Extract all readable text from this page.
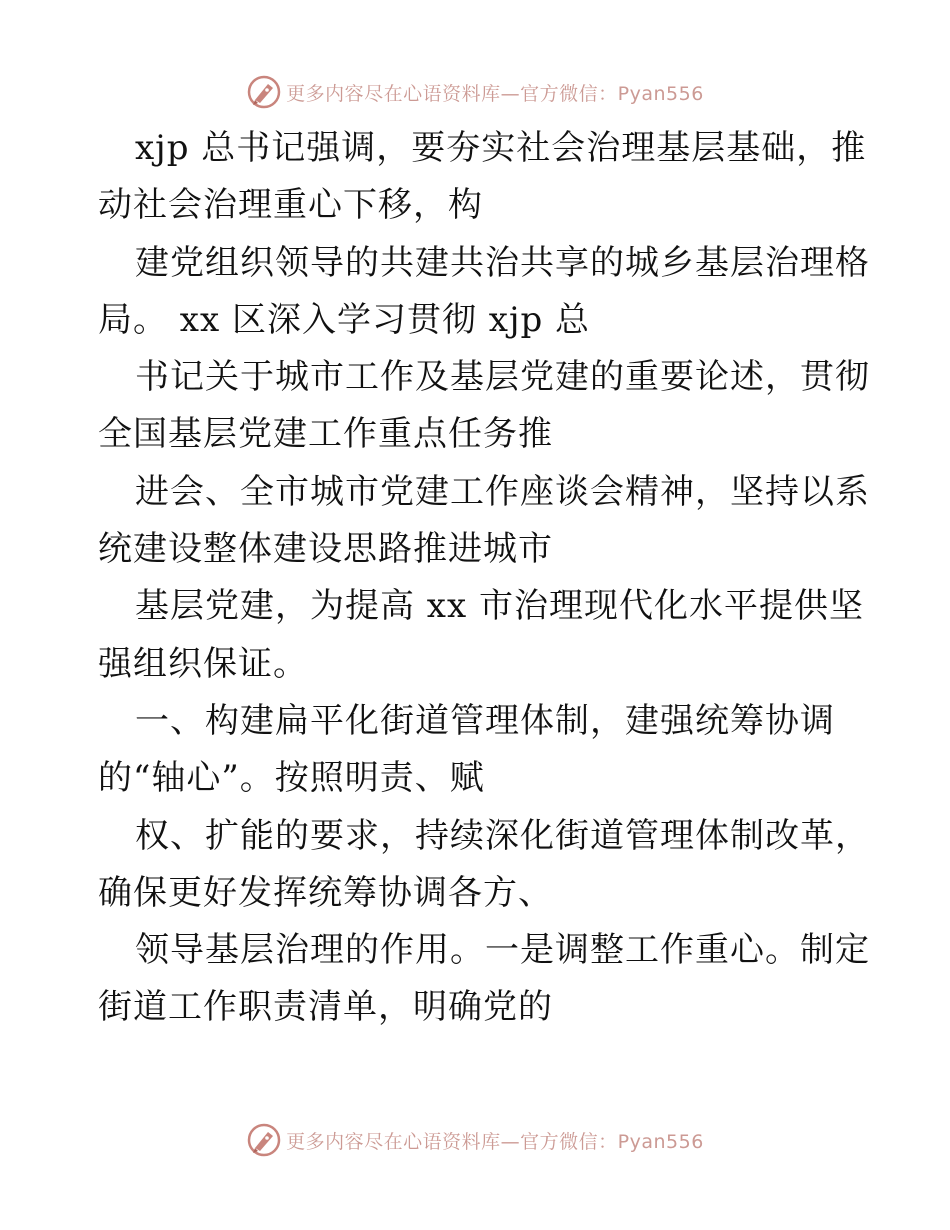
更多内容尽在心语资料库—官方微信：Pyan556
xjp 总书记强调，要夯实社会治理基层基础，推
动社会治理重心下移，构
建党组织领导的共建共治共享的城乡基层治理格
局。 xx 区深入学习贯彻 xjp 总
书记关于城市工作及基层党建的重要论述，贯彻
全国基层党建工作重点任务推
进会、全市城市党建工作座谈会精神，坚持以系
统建设整体建设思路推进城市
基层党建，为提高 xx 市治理现代化水平提供坚
强组织保证。
一、构建扁平化街道管理体制，建强统筹协调
的“轴心”。按照明责、赋
权、扩能的要求，持续深化街道管理体制改革，
确保更好发挥统筹协调各方、
领导基层治理的作用。一是调整工作重心。制定
街道工作职责清单，明确党的
更多内容尽在心语资料库—官方微信：Pyan556
